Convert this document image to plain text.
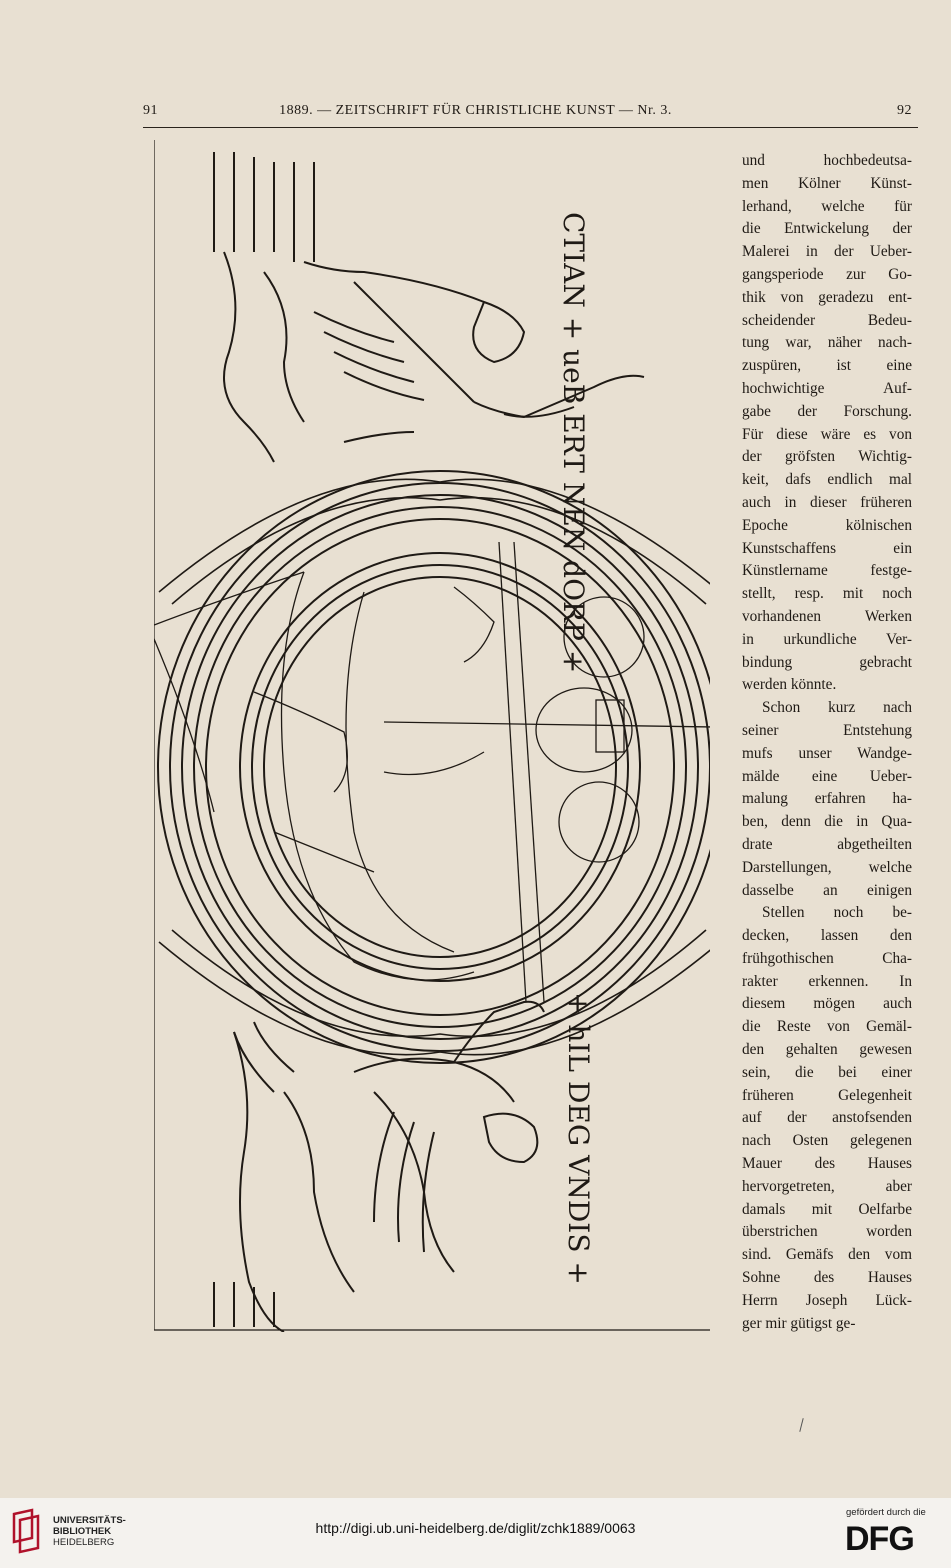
91	1889. — ZEITSCHRIFT FÜR CHRISTLICHE KUNST — Nr. 3.	92
CTIAN + ueB ERT NEN dORP +
+ hIL DEG VNDIS +

und hochbedeutsa-

men Kölner Künst-

lerhand, welche für

die Entwickelung der

Malerei in der Ueber-

gangsperiode zur Go-

thik von geradezu ent-

scheidender Bedeu-

tung war, näher nach-

zuspüren, ist eine

hochwichtige Auf-

gabe der Forschung.

Für diese wäre es von

der gröfsten Wichtig-

keit, dafs endlich mal

auch in dieser früheren

Epoche kölnischen

Kunstschaffens ein

Künstlername festge-

stellt, resp. mit noch

vorhandenen Werken

in urkundliche Ver-

bindung gebracht

werden könnte.

Schon kurz nach

seiner Entstehung

mufs unser Wandge-

mälde eine Ueber-

malung erfahren ha-

ben, denn die in Qua-

drate abgetheilten

Darstellungen, welche

dasselbe an einigen

Stellen noch be-

decken, lassen den

frühgothischen Cha-

rakter erkennen. In

diesem mögen auch

die Reste von Gemäl-

den gehalten gewesen

sein, die bei einer

früheren Gelegenheit

auf der anstofsenden

nach Osten gelegenen

Mauer des Hauses

hervorgetreten, aber

damals mit Oelfarbe

überstrichen worden

sind. Gemäfs den vom

Sohne des Hauses

Herrn Joseph Lück-

ger mir gütigst ge-

UNIVERSITÄTS-
BIBLIOTHEK
HEIDELBERG
http://digi.ub.uni-heidelberg.de/diglit/zchk1889/0063
gefördert durch die
DFG
